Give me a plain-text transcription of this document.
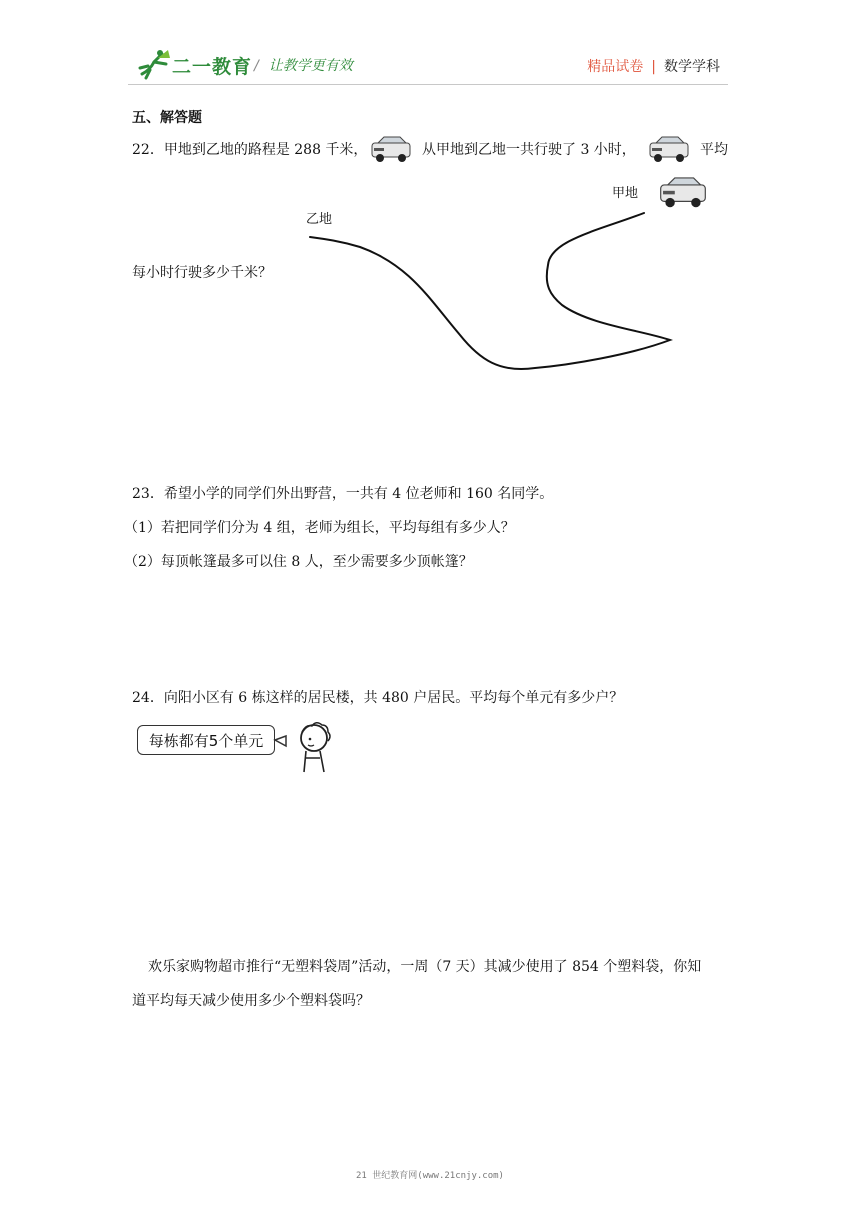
二一教育 / 让教学更有效	精品试卷 | 数学学科
五、解答题
22．甲地到乙地的路程是 288 千米，	从甲地到乙地一共行驶了 3 小时，	平均
每小时行驶多少千米？
甲地
乙地
23．希望小学的同学们外出野营，一共有 4 位老师和 160 名同学。
（1）若把同学们分为 4 组，老师为组长，平均每组有多少人？
（2）每顶帐篷最多可以住 8 人，至少需要多少顶帐篷？
24．向阳小区有 6 栋这样的居民楼，共 480 户居民。平均每个单元有多少户？
每栋都有5个单元
欢乐家购物超市推行“无塑料袋周”活动，一周（7 天）其减少使用了 854 个塑料袋，你知
道平均每天减少使用多少个塑料袋吗？
21 世纪教育网(www.21cnjy.com)
